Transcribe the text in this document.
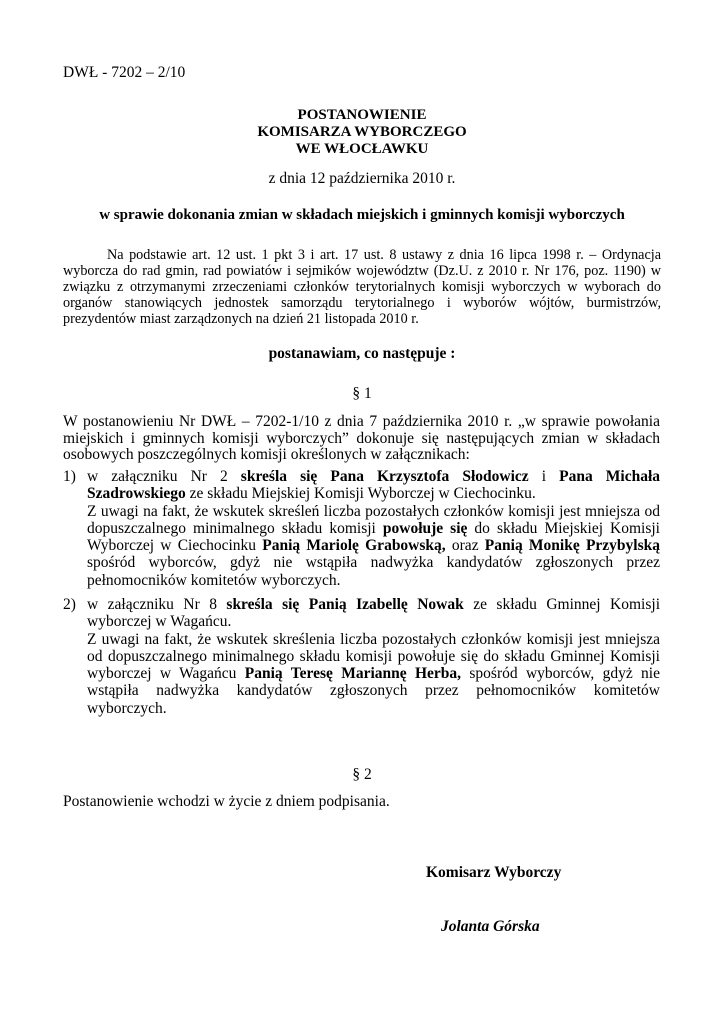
DWŁ - 7202 – 2/10
POSTANOWIENIE
KOMISARZA WYBORCZEGO
WE WŁOCŁAWKU
z dnia 12 października 2010 r.
w sprawie dokonania zmian w składach miejskich i gminnych komisji wyborczych
Na podstawie art. 12 ust. 1 pkt 3 i art. 17 ust. 8 ustawy z dnia 16 lipca 1998 r. – Ordynacja wyborcza do rad gmin, rad powiatów i sejmików województw (Dz.U. z 2010 r. Nr 176, poz. 1190) w związku z otrzymanymi zrzeczeniami członków terytorialnych komisji wyborczych w wyborach do organów stanowiących jednostek samorządu terytorialnego i wyborów wójtów, burmistrzów, prezydentów miast zarządzonych na dzień 21 listopada 2010 r.
postanawiam, co następuje :
§ 1
W postanowieniu Nr DWŁ – 7202-1/10 z dnia 7 października 2010 r. „w sprawie powołania miejskich i gminnych komisji wyborczych” dokonuje się następujących zmian w składach osobowych poszczególnych komisji określonych w załącznikach:
1) w załączniku Nr 2 skreśla się Pana Krzysztofa Słodowicz i Pana Michała Szadrowskiego ze składu Miejskiej Komisji Wyborczej w Ciechocinku.

Z uwagi na fakt, że wskutek skreśleń liczba pozostałych członków komisji jest mniejsza od dopuszczalnego minimalnego składu komisji powołuje się do składu Miejskiej Komisji Wyborczej w Ciechocinku Panią Mariolę Grabowską, oraz Panią Monikę Przybylską spośród wyborców, gdyż nie wstąpiła nadwyżka kandydatów zgłoszonych przez pełnomocników komitetów wyborczych.

2) w załączniku Nr 8 skreśla się Panią Izabellę Nowak ze składu Gminnej Komisji wyborczej w Wagańcu.

Z uwagi na fakt, że wskutek skreślenia liczba pozostałych członków komisji jest mniejsza od dopuszczalnego minimalnego składu komisji powołuje się do składu Gminnej Komisji wyborczej w Wagańcu Panią Teresę Mariannę Herba, spośród wyborców, gdyż nie wstąpiła nadwyżka kandydatów zgłoszonych przez pełnomocników komitetów wyborczych.

§ 2
Postanowienie wchodzi w życie z dniem podpisania.
Komisarz Wyborczy
Jolanta Górska
